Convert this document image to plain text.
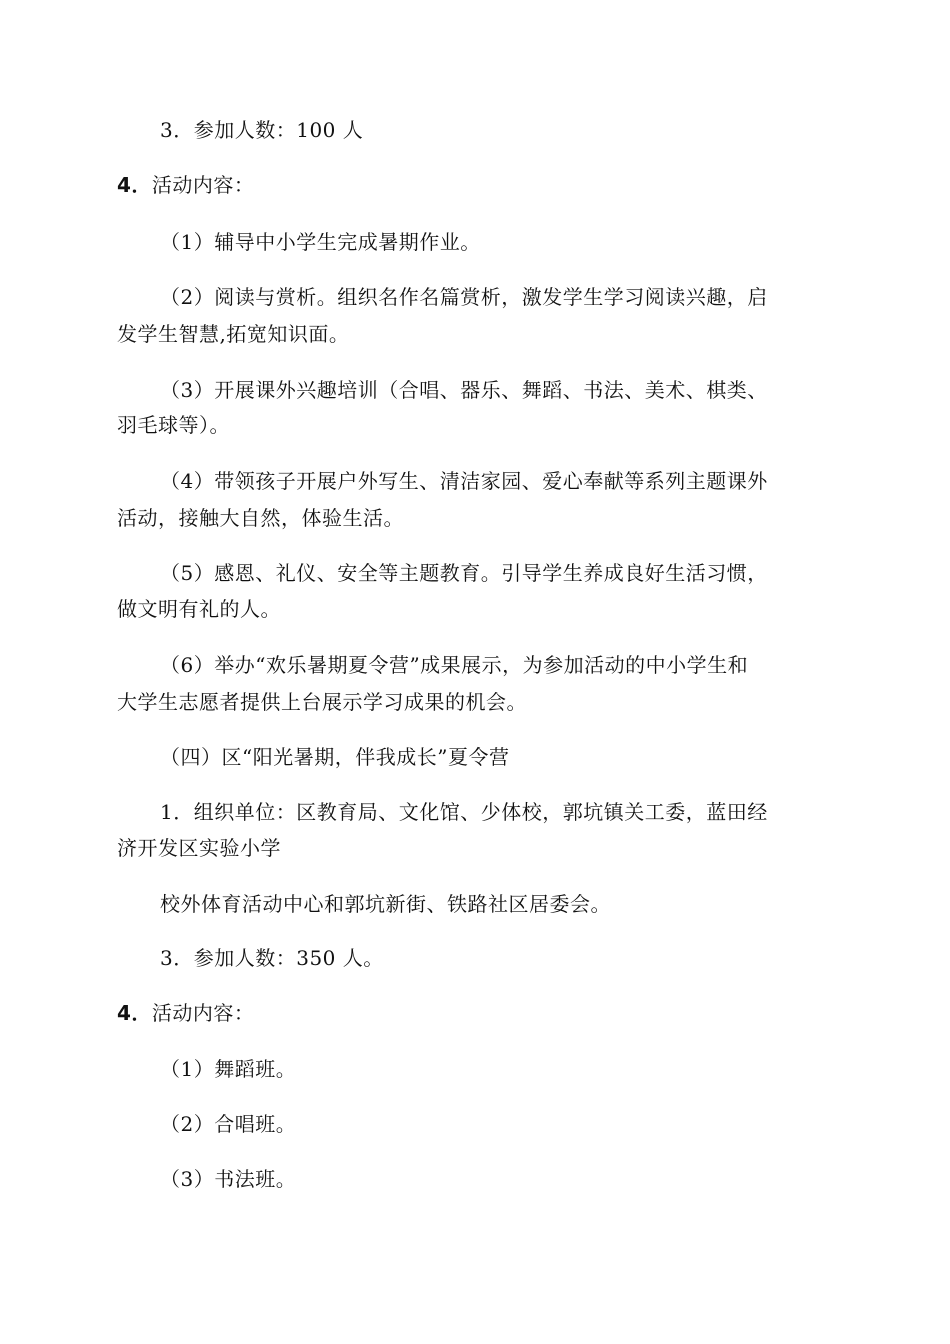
3．参加人数：100 人
4．活动内容：
（1）辅导中小学生完成暑期作业。
（2）阅读与赏析。组织名作名篇赏析，激发学生学习阅读兴趣，启
发学生智慧,拓宽知识面。
（3）开展课外兴趣培训（合唱、器乐、舞蹈、书法、美术、棋类、
羽毛球等）。
（4）带领孩子开展户外写生、清洁家园、爱心奉献等系列主题课外
活动，接触大自然，体验生活。
（5）感恩、礼仪、安全等主题教育。引导学生养成良好生活习惯，
做文明有礼的人。
（6）举办“欢乐暑期夏令营”成果展示，为参加活动的中小学生和
大学生志愿者提供上台展示学习成果的机会。
（四）区“阳光暑期，伴我成长”夏令营
1．组织单位：区教育局、文化馆、少体校，郭坑镇关工委，蓝田经
济开发区实验小学
校外体育活动中心和郭坑新街、铁路社区居委会。
3．参加人数：350 人。
4．活动内容：
（1）舞蹈班。
（2）合唱班。
（3）书法班。
